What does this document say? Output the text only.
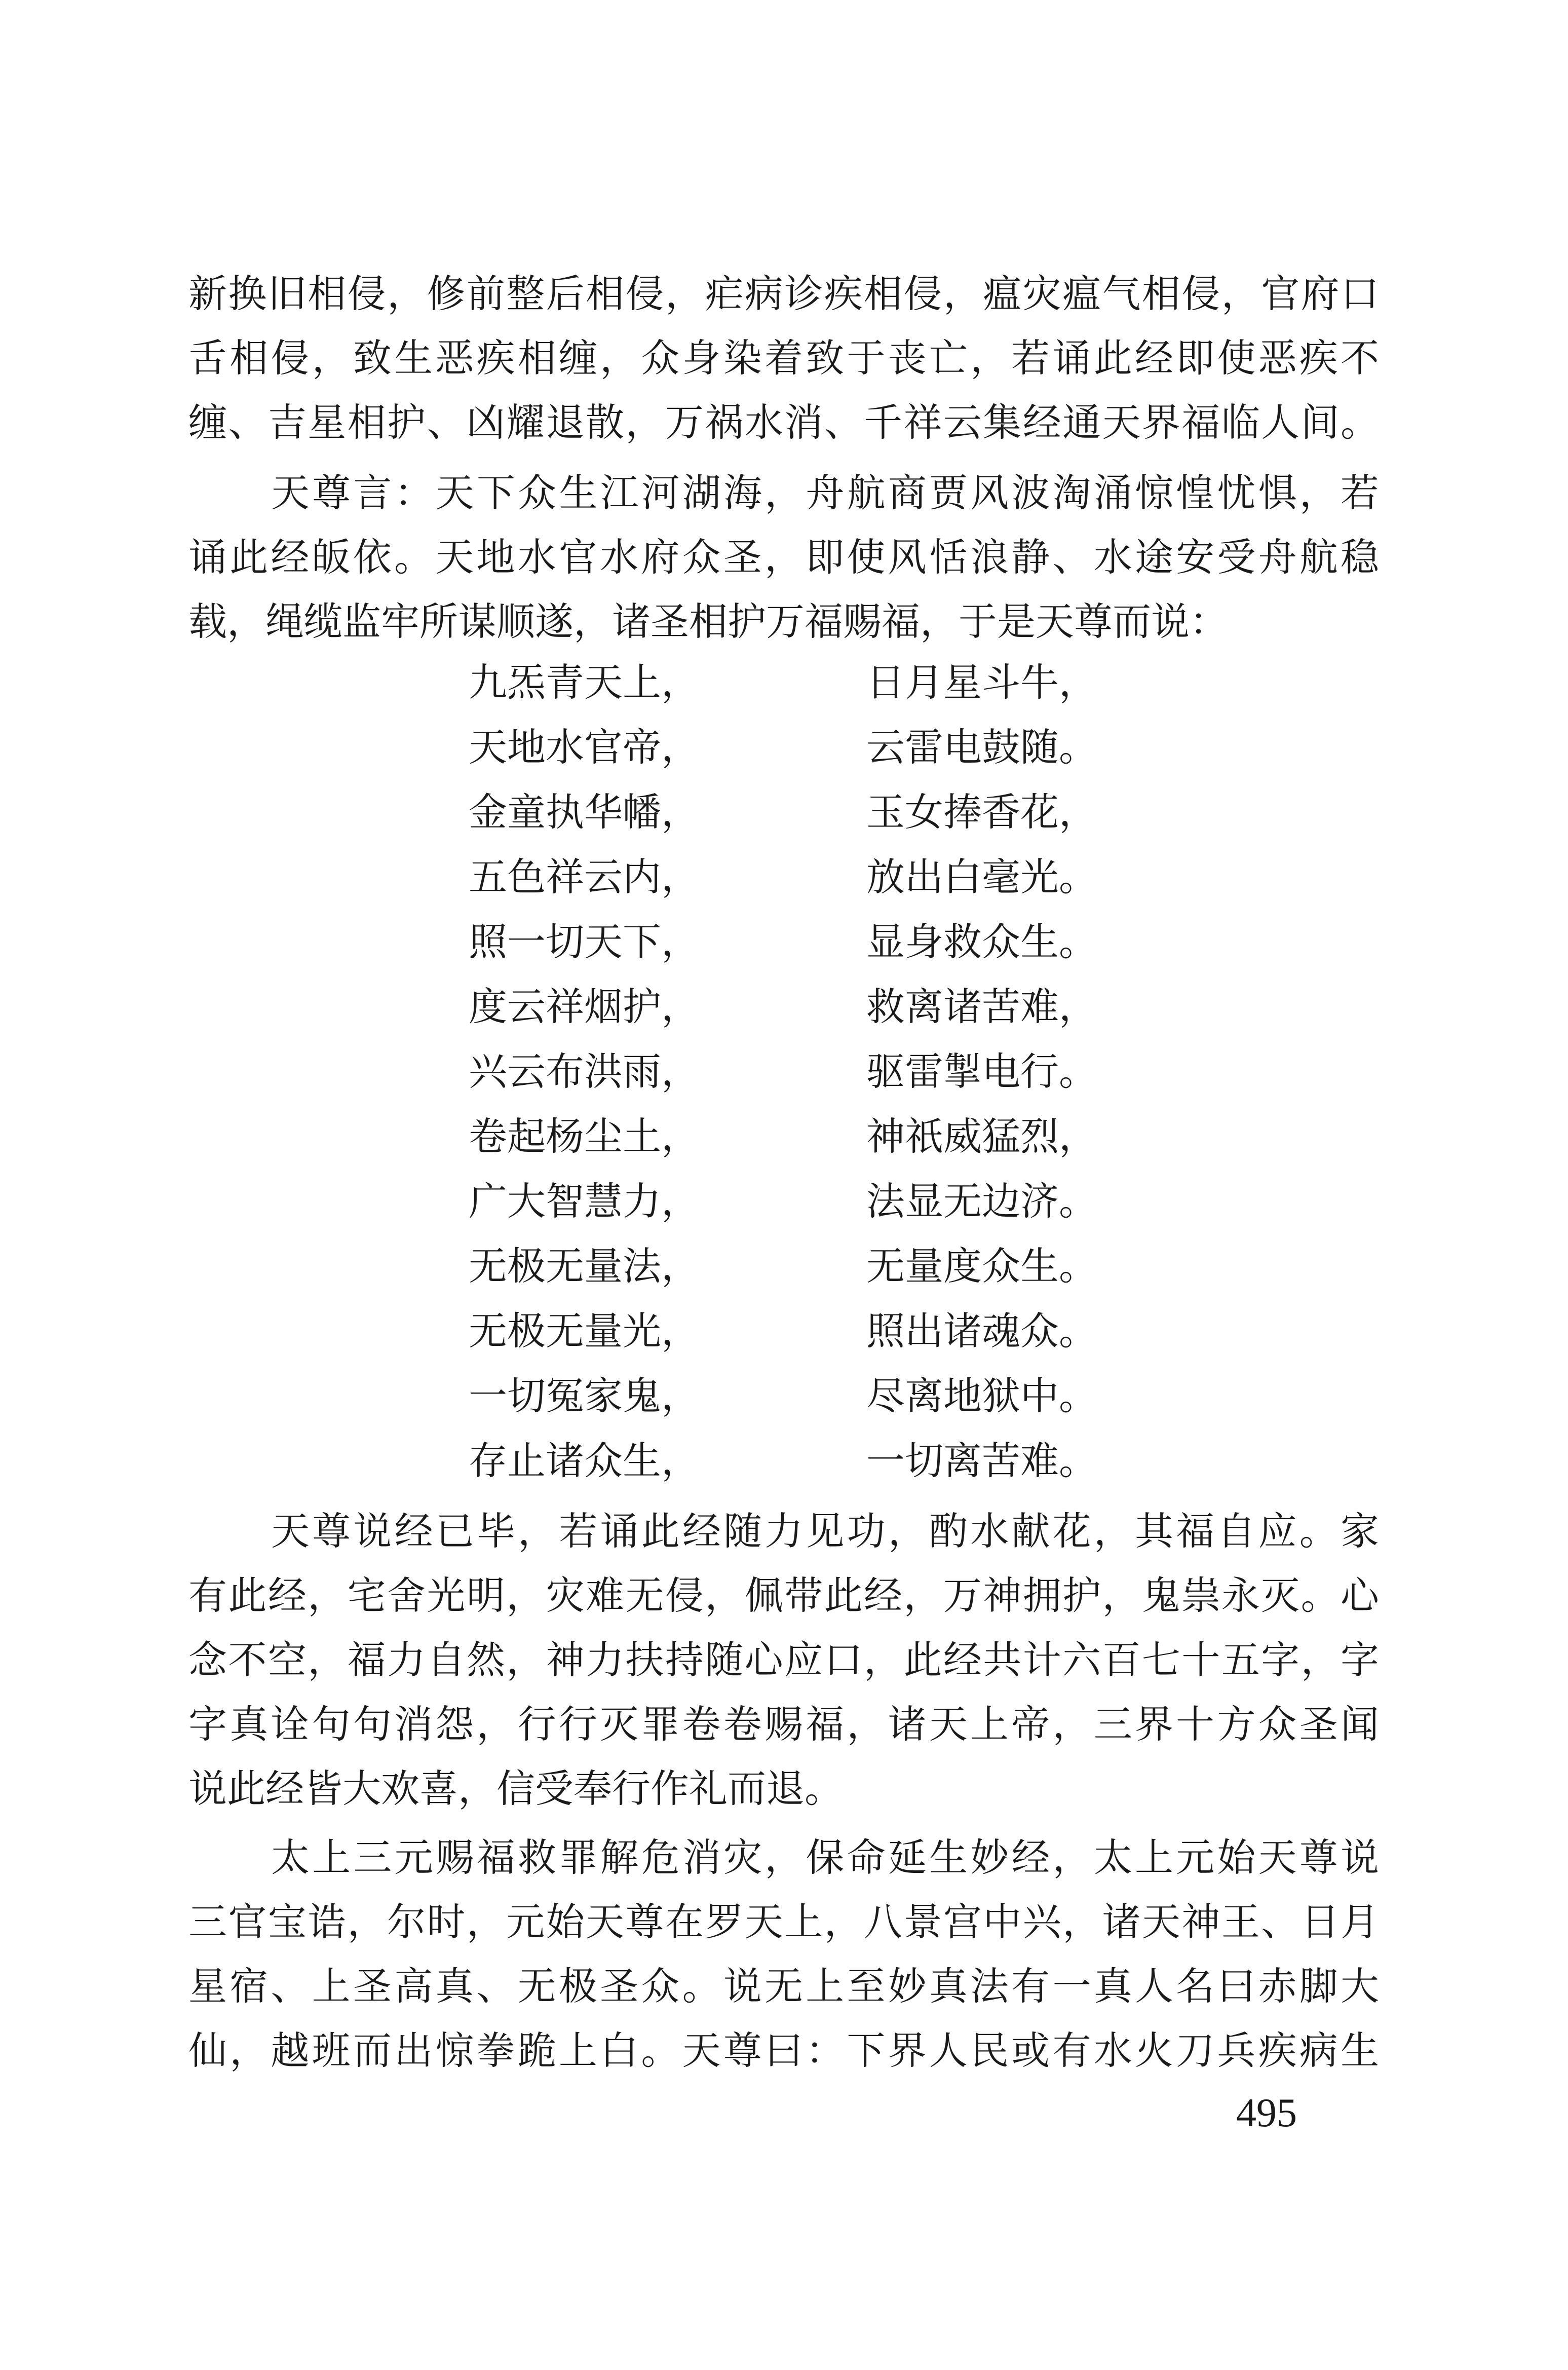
新换旧相侵，修前整后相侵，疟病诊疾相侵，瘟灾瘟气相侵，官府口
舌相侵，致生恶疾相缠，众身染着致于丧亡，若诵此经即使恶疾不
缠、吉星相护、凶耀退散，万祸水消、千祥云集经通天界福临人间。
天尊言：天下众生江河湖海，舟航商贾风波淘涌惊惶忧惧，若
诵此经皈依。天地水官水府众圣，即使风恬浪静、水途安受舟航稳
载，绳缆监牢所谋顺遂，诸圣相护万福赐福，于是天尊而说：
九炁青天上，	日月星斗牛，
天地水官帝，	云雷电鼓随。
金童执华幡，	玉女捧香花，
五色祥云内，	放出白毫光。
照一切天下，	显身救众生。
度云祥烟护，	救离诸苦难，
兴云布洪雨，	驱雷掣电行。
卷起杨尘土，	神祇威猛烈，
广大智慧力，	法显无边济。
无极无量法，	无量度众生。
无极无量光，	照出诸魂众。
一切冤家鬼，	尽离地狱中。
存止诸众生，	一切离苦难。
天尊说经已毕，若诵此经随力见功，酌水献花，其福自应。家
有此经，宅舍光明，灾难无侵，佩带此经，万神拥护，鬼祟永灭。心
念不空，福力自然，神力扶持随心应口，此经共计六百七十五字，字
字真诠句句消怨，行行灭罪卷卷赐福，诸天上帝，三界十方众圣闻
说此经皆大欢喜，信受奉行作礼而退。
太上三元赐福救罪解危消灾，保命延生妙经，太上元始天尊说
三官宝诰，尔时，元始天尊在罗天上，八景宫中兴，诸天神王、日月
星宿、上圣高真、无极圣众。说无上至妙真法有一真人名曰赤脚大
仙，越班而出惊拳跪上白。天尊曰：下界人民或有水火刀兵疾病生
495
